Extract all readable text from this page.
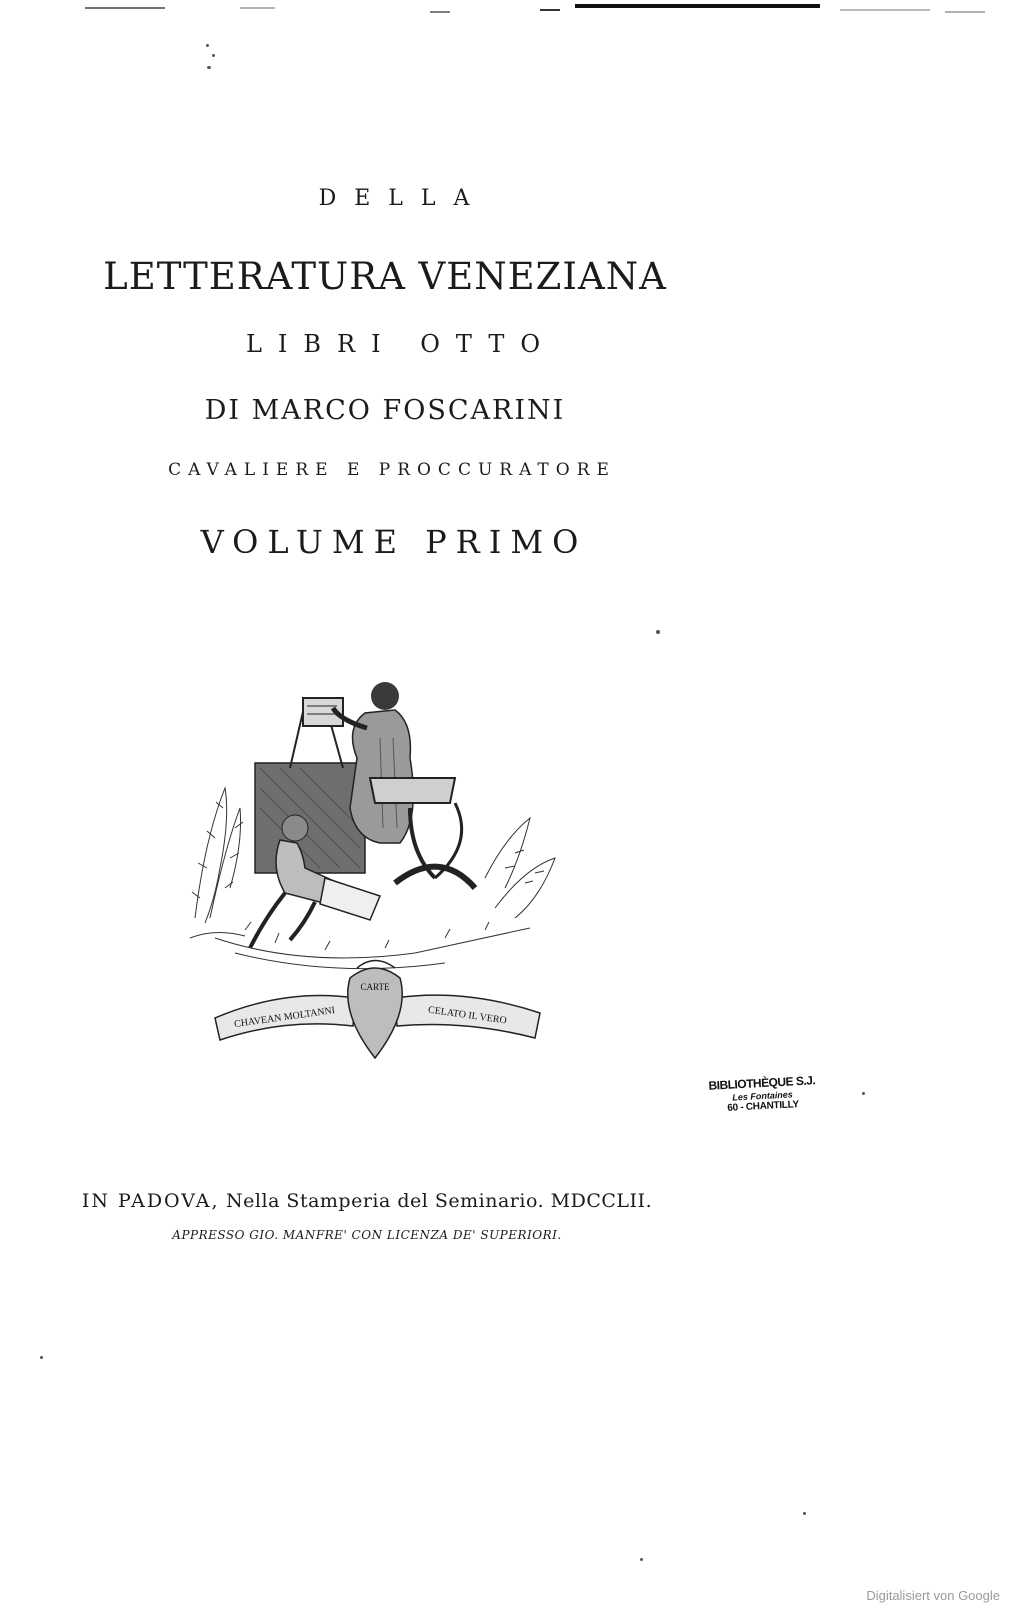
DELLA
LETTERATURA VENEZIANA
LIBRI OTTO
DI MARCO FOSCARINI
CAVALIERE E PROCCURATORE
VOLUME PRIMO
CHAVEAN MOLTANNI	CELATO IL VERO
CARTE
BIBLIOTHÈQUE S.J.
Les Fontaines
60 - CHANTILLY
IN PADOVA, Nella Stamperia del Seminario. MDCCLII.
APPRESSO GIO. MANFRE' CON LICENZA DE' SUPERIORI.
Digitalisiert von Google
